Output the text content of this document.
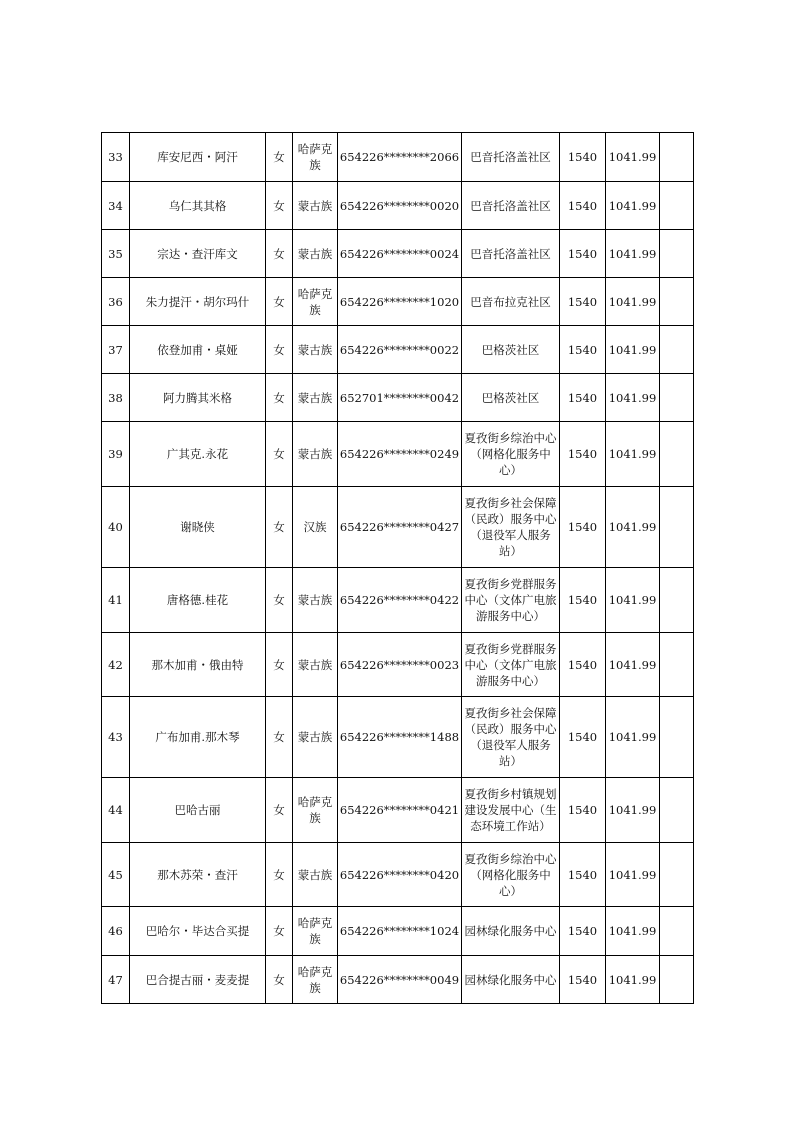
33	库安尼西・阿汗	女	哈萨克族	654226********2066	巴音托洛盖社区	1540	1041.99	
34	乌仁其其格	女	蒙古族	654226********0020	巴音托洛盖社区	1540	1041.99	
35	宗达・查汗库文	女	蒙古族	654226********0024	巴音托洛盖社区	1540	1041.99	
36	朱力提汗・胡尔玛什	女	哈萨克族	654226********1020	巴音布拉克社区	1540	1041.99	
37	依登加甫・桌娅	女	蒙古族	654226********0022	巴格茨社区	1540	1041.99	
38	阿力腾其米格	女	蒙古族	652701********0042	巴格茨社区	1540	1041.99	
39	广其克.永花	女	蒙古族	654226********0249	夏孜街乡综治中心（网格化服务中心）	1540	1041.99	
40	谢晓侠	女	汉族	654226********0427	夏孜街乡社会保障（民政）服务中心（退役军人服务站）	1540	1041.99	
41	唐格德.桂花	女	蒙古族	654226********0422	夏孜街乡党群服务中心（文体广电旅游服务中心）	1540	1041.99	
42	那木加甫・俄由特	女	蒙古族	654226********0023	夏孜街乡党群服务中心（文体广电旅游服务中心）	1540	1041.99	
43	广布加甫.那木琴	女	蒙古族	654226********1488	夏孜街乡社会保障（民政）服务中心（退役军人服务站）	1540	1041.99	
44	巴哈古丽	女	哈萨克族	654226********0421	夏孜街乡村镇规划建设发展中心（生态环境工作站）	1540	1041.99	
45	那木苏荣・查汗	女	蒙古族	654226********0420	夏孜街乡综治中心（网格化服务中心）	1540	1041.99	
46	巴哈尔・毕达合买提	女	哈萨克族	654226********1024	园林绿化服务中心	1540	1041.99	
47	巴合提古丽・麦麦提	女	哈萨克族	654226********0049	园林绿化服务中心	1540	1041.99	
